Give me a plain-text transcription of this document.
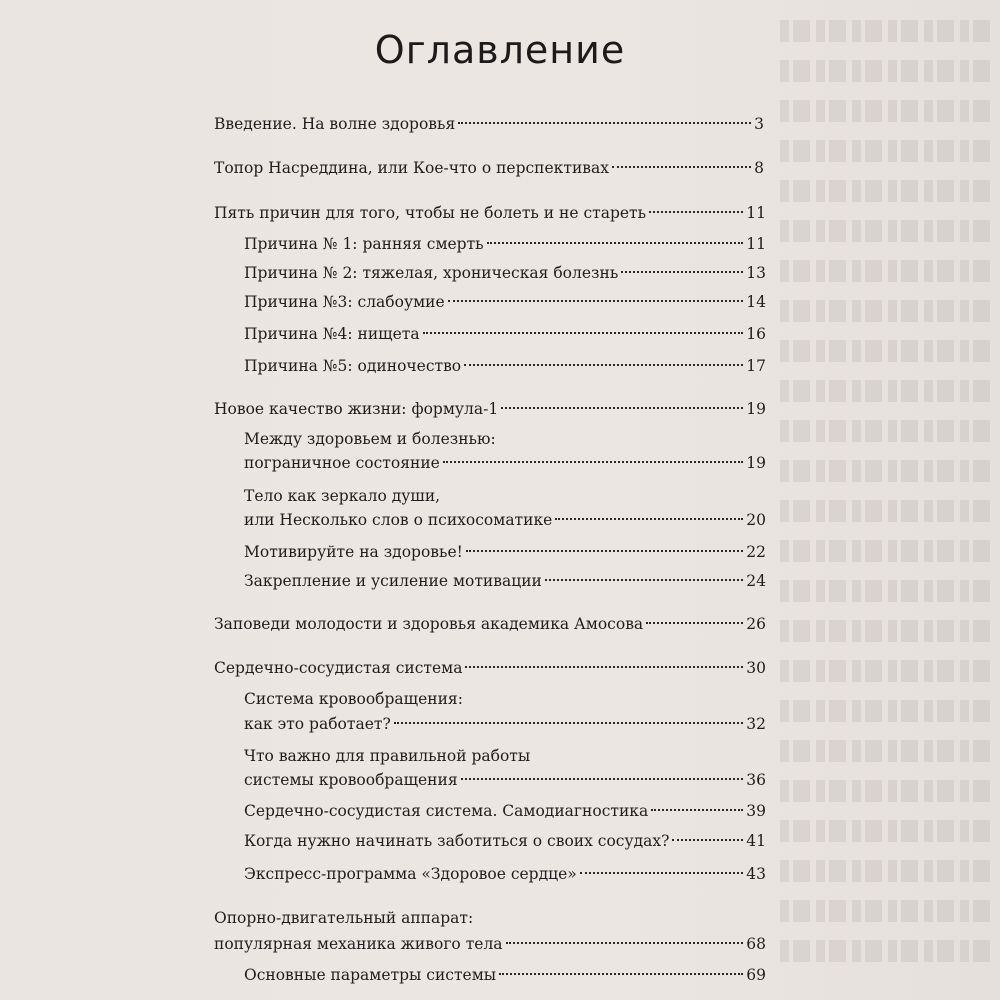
Оглавление
Введение. На волне здоровья	3
Топор Насреддина, или Кое-что о перспективах	8
Пять причин для того, чтобы не болеть и не стареть	11
Причина № 1: ранняя смерть	11
Причина № 2: тяжелая, хроническая болезнь	13
Причина №3: слабоумие	14
Причина №4: нищета	16
Причина №5: одиночество	17
Новое качество жизни: формула-1	19
Между здоровьем и болезнью:
пограничное состояние	19
Тело как зеркало души,
или Несколько слов о психосоматике	20
Мотивируйте на здоровье!	22
Закрепление и усиление мотивации	24
Заповеди молодости и здоровья академика Амосова	26
Сердечно-сосудистая система	30
Система кровообращения:
как это работает?	32
Что важно для правильной работы
системы кровообращения	36
Сердечно-сосудистая система. Самодиагностика	39
Когда нужно начинать заботиться о своих сосудах?	41
Экспресс-программа «Здоровое сердце»	43
Опорно-двигательный аппарат:
популярная механика живого тела	68
Основные параметры системы	69
